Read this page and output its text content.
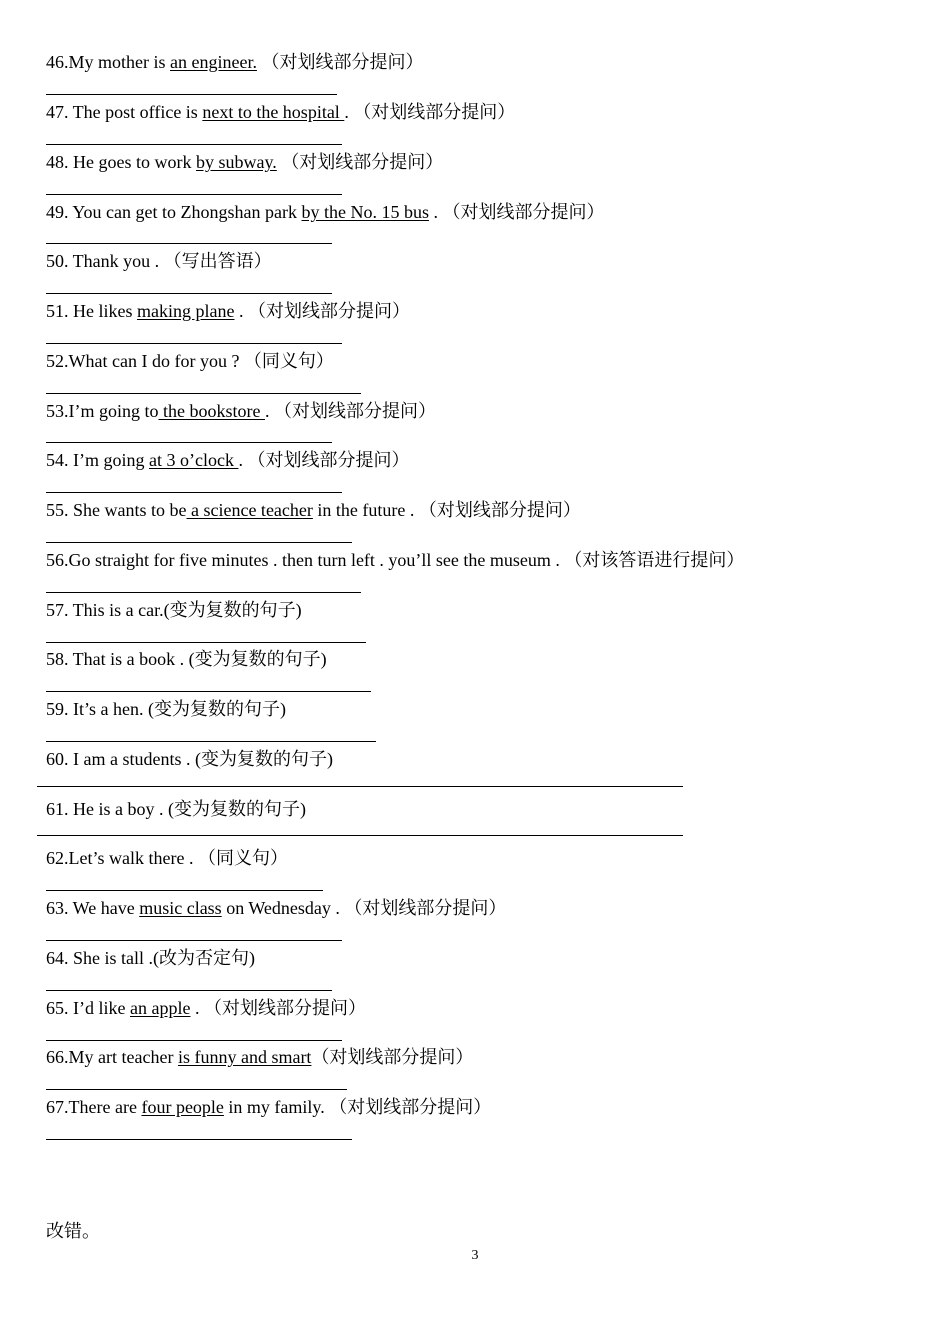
46.My mother is an engineer. （对划线部分提问）
47. The post office is next to the hospital . （对划线部分提问）
48. He goes to work by subway. （对划线部分提问）
49. You can get to Zhongshan park by the No. 15 bus . （对划线部分提问）
50. Thank you . （写出答语）
51. He likes making plane . （对划线部分提问）
52.What can I do for you ? （同义句）
53.I’m going to the bookstore . （对划线部分提问）
54. I’m going at 3 o’clock . （对划线部分提问）
55. She wants to be a science teacher in the future . （对划线部分提问）
56.Go straight for five minutes . then turn left . you’ll see the museum . （对该答语进行提问）
57. This is a car.(变为复数的句子)
58. That is a book . (变为复数的句子)
59. It’s a hen. (变为复数的句子)
60. I am a students . (变为复数的句子)
61. He is a boy . (变为复数的句子)
62.Let’s walk there . （同义句）
63. We have music class on Wednesday . （对划线部分提问）
64. She is tall .(改为否定句)
65. I’d like an apple . （对划线部分提问）
66.My art teacher is funny and smart（对划线部分提问）
67.There are four people in my family. （对划线部分提问）
改错。
3
